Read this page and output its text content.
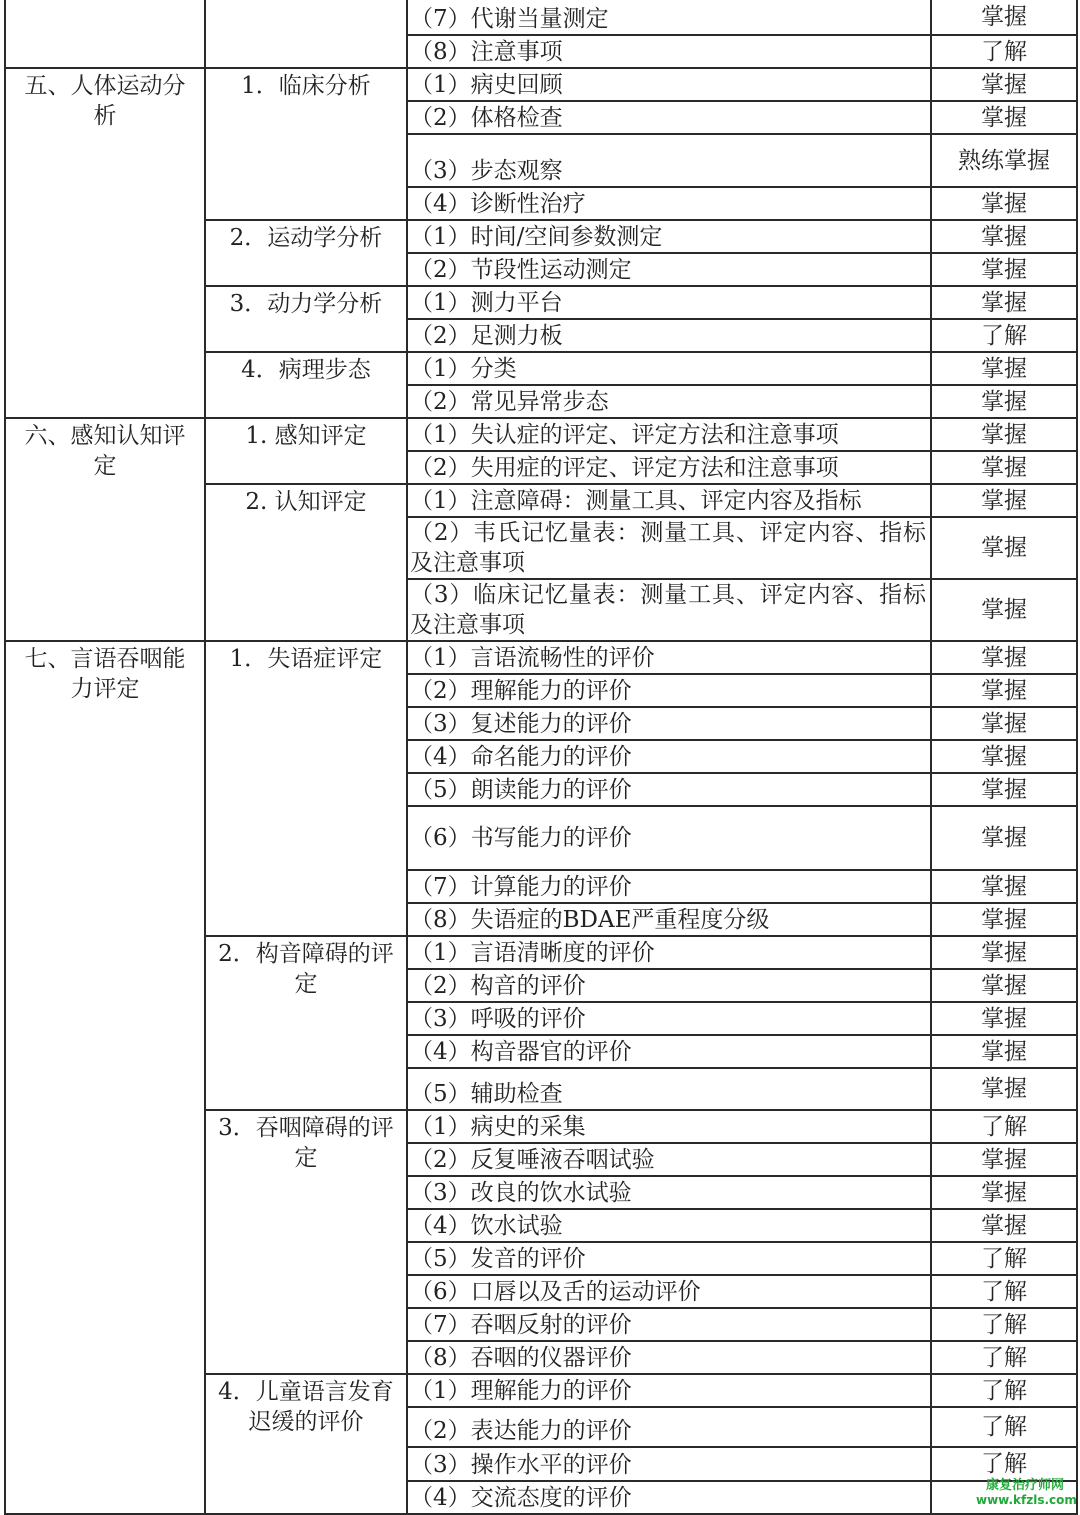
		（7）代谢当量测定	掌握
		（8）注意事项	了解
五、人体运动分析	1．临床分析	（1）病史回顾	掌握
		（2）体格检查	掌握
		（3）步态观察	熟练掌握
		（4）诊断性治疗	掌握
	2．运动学分析	（1）时间/空间参数测定	掌握
		（2）节段性运动测定	掌握
	3．动力学分析	（1）测力平台	掌握
		（2）足测力板	了解
	4．病理步态	（1）分类	掌握
		（2）常见异常步态	掌握
六、感知认知评定	1. 感知评定	（1）失认症的评定、评定方法和注意事项	掌握
		（2）失用症的评定、评定方法和注意事项	掌握
	2. 认知评定	（1）注意障碍：测量工具、评定内容及指标	掌握
		（2）韦氏记忆量表：测量工具、评定内容、指标及注意事项	掌握
		（3）临床记忆量表：测量工具、评定内容、指标及注意事项	掌握
七、言语吞咽能力评定	1．失语症评定	（1）言语流畅性的评价	掌握
		（2）理解能力的评价	掌握
		（3）复述能力的评价	掌握
		（4）命名能力的评价	掌握
		（5）朗读能力的评价	掌握
		（6）书写能力的评价	掌握
		（7）计算能力的评价	掌握
		（8）失语症的BDAE严重程度分级	掌握
	2．构音障碍的评定	（1）言语清晰度的评价	掌握
		（2）构音的评价	掌握
		（3）呼吸的评价	掌握
		（4）构音器官的评价	掌握
		（5）辅助检查	掌握
	3．吞咽障碍的评定	（1）病史的采集	了解
		（2）反复唾液吞咽试验	掌握
		（3）改良的饮水试验	掌握
		（4）饮水试验	掌握
		（5）发音的评价	了解
		（6）口唇以及舌的运动评价	了解
		（7）吞咽反射的评价	了解
		（8）吞咽的仪器评价	了解
	4．儿童语言发育迟缓的评价	（1）理解能力的评价	了解
		（2）表达能力的评价	了解
		（3）操作水平的评价	了解
		（4）交流态度的评价		康复治疗师网
www.kfzls.com
